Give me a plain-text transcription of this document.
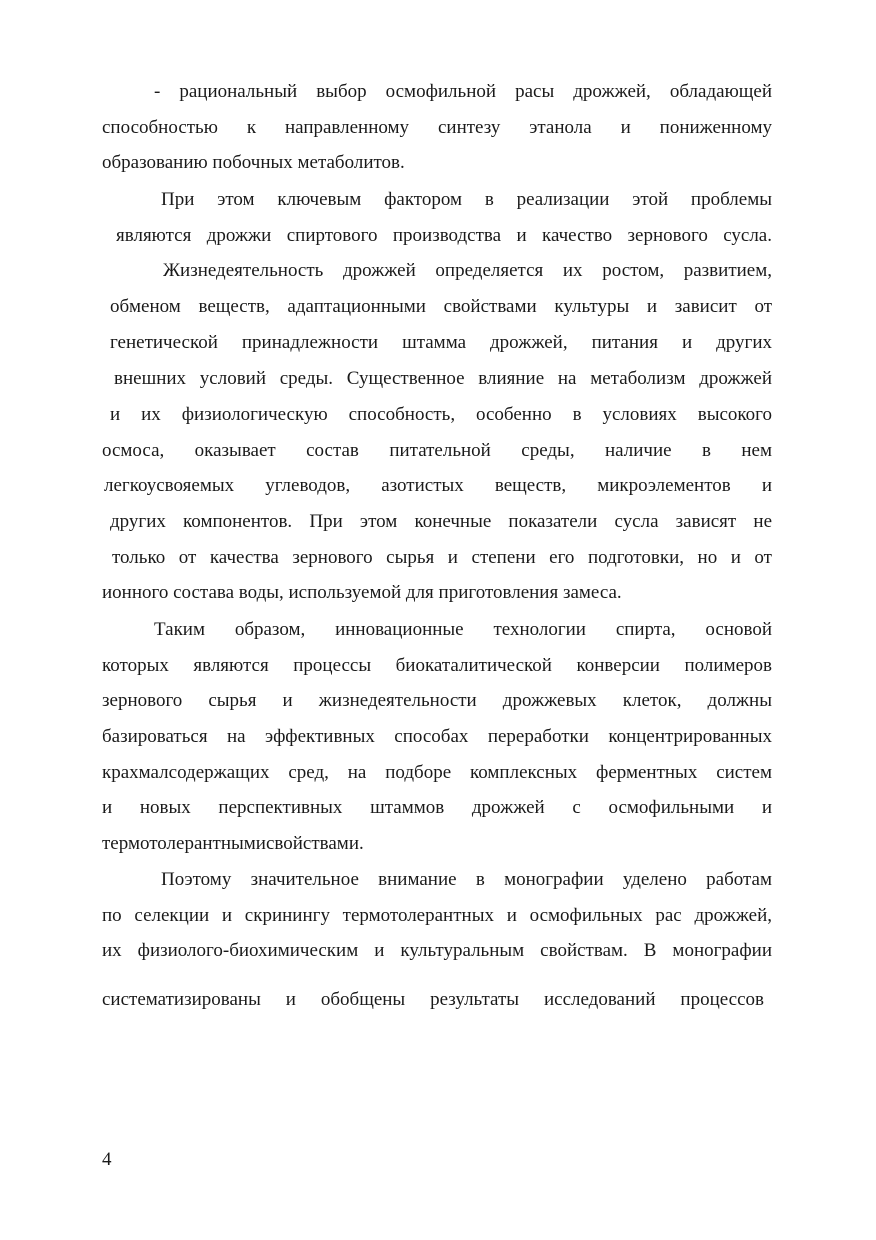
- рациональный выбор осмофильной расы дрожжей, обладающей
способностью к направленному синтезу этанола и пониженному
образованию побочных метаболитов.
При этом ключевым фактором в реализации этой проблемы
являются дрожжи спиртового производства и качество зернового сусла.
Жизнедеятельность дрожжей определяется их ростом, развитием,
обменом веществ, адаптационными свойствами культуры и зависит от
генетической принадлежности штамма дрожжей, питания и других
внешних условий среды. Существенное влияние на метаболизм дрожжей
и их физиологическую способность, особенно в условиях высокого
осмоса, оказывает состав питательной среды, наличие в нем
легкоусвояемых углеводов, азотистых веществ, микроэлементов и
других компонентов. При этом конечные показатели сусла зависят не
только от качества зернового сырья и степени его подготовки, но и от
ионного состава воды, используемой для приготовления замеса.
Таким образом, инновационные технологии спирта, основой
которых являются процессы биокаталитической конверсии полимеров
зернового сырья и жизнедеятельности дрожжевых клеток, должны
базироваться на эффективных способах переработки концентрированных
крахмалсодержащих сред, на подборе комплексных ферментных систем
и новых перспективных штаммов дрожжей с осмофильными и
термотолерантнымисвойствами.
Поэтому значительное внимание в монографии уделено работам
по селекции и скринингу термотолерантных и осмофильных рас дрожжей,
их физиолого-биохимическим и культуральным свойствам. В монографии
систематизированы и обобщены результаты исследований процессов
4
